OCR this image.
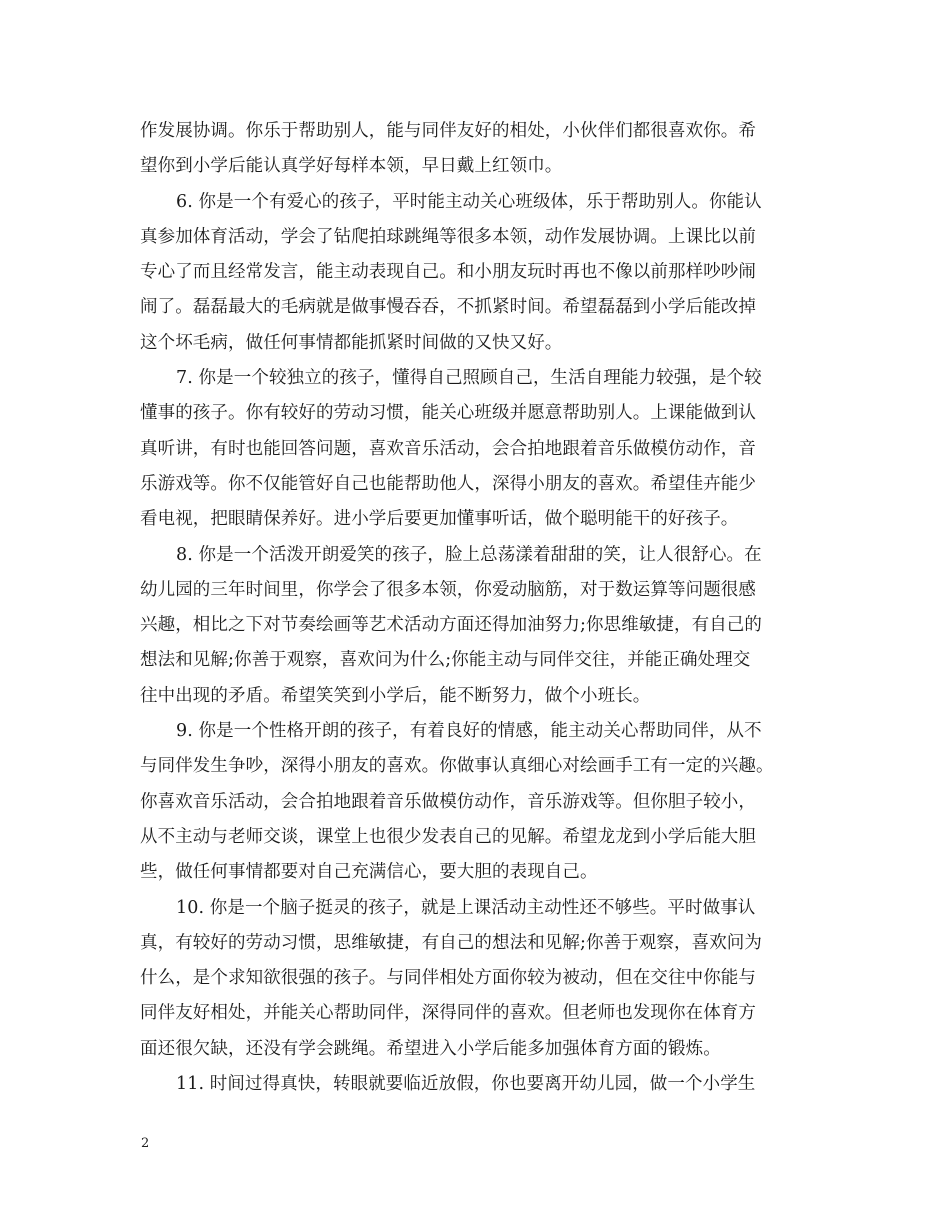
作发展协调。你乐于帮助别人，能与同伴友好的相处，小伙伴们都很喜欢你。希
望你到小学后能认真学好每样本领，早日戴上红领巾。
6. 你是一个有爱心的孩子，平时能主动关心班级体，乐于帮助别人。你能认
真参加体育活动，学会了钻爬拍球跳绳等很多本领，动作发展协调。上课比以前
专心了而且经常发言，能主动表现自己。和小朋友玩时再也不像以前那样吵吵闹
闹了。磊磊最大的毛病就是做事慢吞吞，不抓紧时间。希望磊磊到小学后能改掉
这个坏毛病，做任何事情都能抓紧时间做的又快又好。
7. 你是一个较独立的孩子，懂得自己照顾自己，生活自理能力较强，是个较
懂事的孩子。你有较好的劳动习惯，能关心班级并愿意帮助别人。上课能做到认
真听讲，有时也能回答问题，喜欢音乐活动，会合拍地跟着音乐做模仿动作，音
乐游戏等。你不仅能管好自己也能帮助他人，深得小朋友的喜欢。希望佳卉能少
看电视，把眼睛保养好。进小学后要更加懂事听话，做个聪明能干的好孩子。
8. 你是一个活泼开朗爱笑的孩子，脸上总荡漾着甜甜的笑，让人很舒心。在
幼儿园的三年时间里，你学会了很多本领，你爱动脑筋，对于数运算等问题很感
兴趣，相比之下对节奏绘画等艺术活动方面还得加油努力;你思维敏捷，有自己的
想法和见解;你善于观察，喜欢问为什么;你能主动与同伴交往，并能正确处理交
往中出现的矛盾。希望笑笑到小学后，能不断努力，做个小班长。
9. 你是一个性格开朗的孩子，有着良好的情感，能主动关心帮助同伴，从不
与同伴发生争吵，深得小朋友的喜欢。你做事认真细心对绘画手工有一定的兴趣。
你喜欢音乐活动，会合拍地跟着音乐做模仿动作，音乐游戏等。但你胆子较小，
从不主动与老师交谈，课堂上也很少发表自己的见解。希望龙龙到小学后能大胆
些，做任何事情都要对自己充满信心，要大胆的表现自己。
10. 你是一个脑子挺灵的孩子，就是上课活动主动性还不够些。平时做事认
真，有较好的劳动习惯，思维敏捷，有自己的想法和见解;你善于观察，喜欢问为
什么，是个求知欲很强的孩子。与同伴相处方面你较为被动，但在交往中你能与
同伴友好相处，并能关心帮助同伴，深得同伴的喜欢。但老师也发现你在体育方
面还很欠缺，还没有学会跳绳。希望进入小学后能多加强体育方面的锻炼。
11. 时间过得真快，转眼就要临近放假，你也要离开幼儿园，做一个小学生
2
